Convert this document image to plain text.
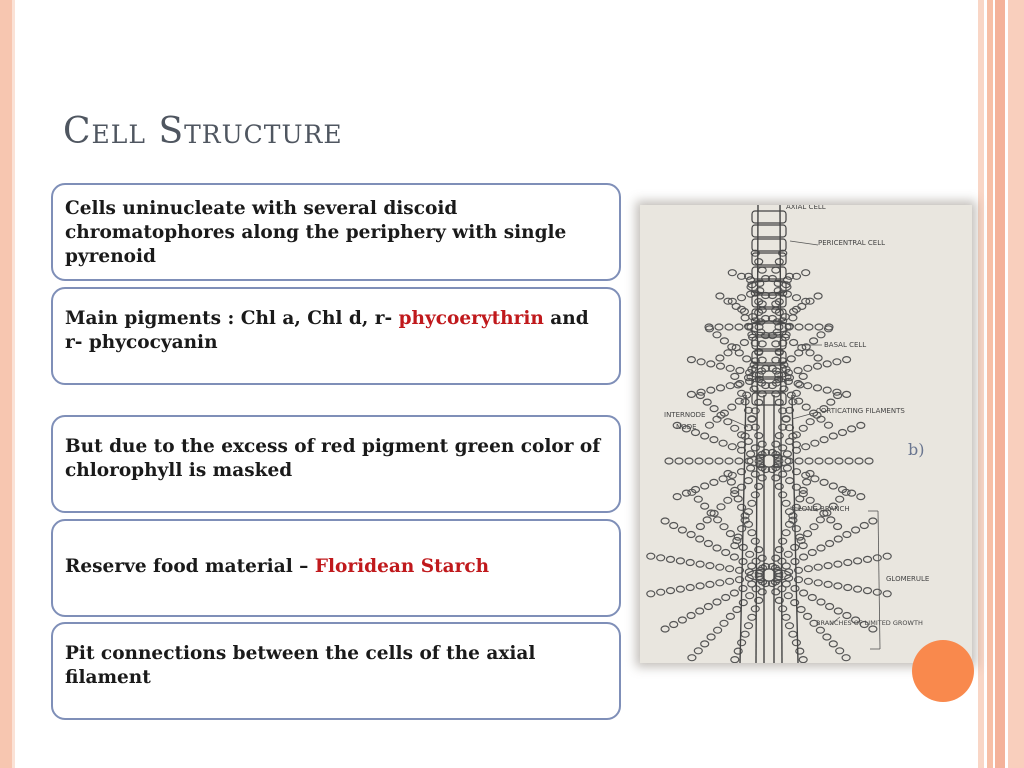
Cell Structure

Cells uninucleate with several discoid chromatophores along the periphery with single pyrenoid

Main pigments : Chl a, Chl d, r- phycoerythrin and r- phycocyanin

But due to the excess of red pigment green color of chlorophyll is masked

Reserve food material – Floridean Starch

Pit connections between the cells of the axial filament

PERICENTRAL CELL
AXIAL CELL
BASAL CELL
INTERNODE
NODE
CORTICATING FILAMENTS
LONG BRANCH
GLOMERULE
BRANCHES OF LIMITED GROWTH
b)
